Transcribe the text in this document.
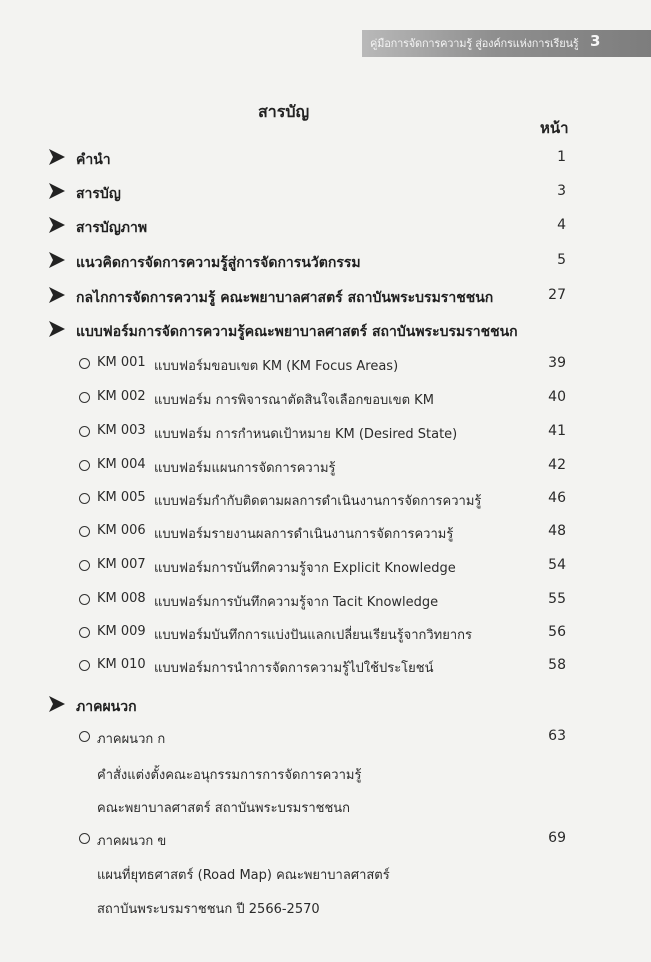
คู่มือการจัดการความรู้ สู่องค์กรแห่งการเรียนรู้ 3
สารบัญ
หน้า
คำนำ	1
สารบัญ	3
สารบัญภาพ	4
แนวคิดการจัดการความรู้สู่การจัดการนวัตกรรม	5
กลไกการจัดการความรู้ คณะพยาบาลศาสตร์ สถาบันพระบรมราชชนก	27
แบบฟอร์มการจัดการความรู้คณะพยาบาลศาสตร์ สถาบันพระบรมราชชนก
KM 001 แบบฟอร์มขอบเขต KM (KM Focus Areas)	39
KM 002 แบบฟอร์ม การพิจารณาตัดสินใจเลือกขอบเขต KM	40
KM 003 แบบฟอร์ม การกำหนดเป้าหมาย KM (Desired State)	41
KM 004 แบบฟอร์มแผนการจัดการความรู้	42
KM 005 แบบฟอร์มกำกับติดตามผลการดำเนินงานการจัดการความรู้	46
KM 006 แบบฟอร์มรายงานผลการดำเนินงานการจัดการความรู้	48
KM 007 แบบฟอร์มการบันทึกความรู้จาก Explicit Knowledge	54
KM 008 แบบฟอร์มการบันทึกความรู้จาก Tacit Knowledge	55
KM 009 แบบฟอร์มบันทึกการแบ่งปันแลกเปลี่ยนเรียนรู้จากวิทยากร	56
KM 010 แบบฟอร์มการนำการจัดการความรู้ไปใช้ประโยชน์	58
ภาคผนวก
ภาคผนวก ก	63
คำสั่งแต่งตั้งคณะอนุกรรมการการจัดการความรู้
คณะพยาบาลศาสตร์ สถาบันพระบรมราชชนก
ภาคผนวก ข	69
แผนที่ยุทธศาสตร์ (Road Map) คณะพยาบาลศาสตร์
สถาบันพระบรมราชชนก ปี 2566-2570
